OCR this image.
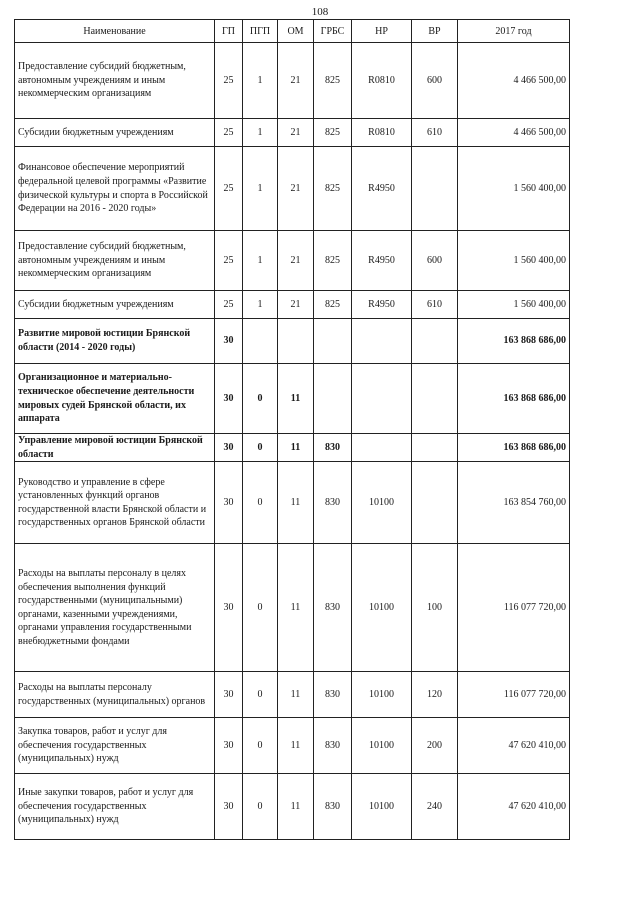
108
Наименование	ГП	ПГП	ОМ	ГРБС	НР	ВР	2017 год
Предоставление субсидий бюджетным, автономным учреждениям и иным некоммерческим организациям	25	1	21	825	R0810	600	4 466 500,00
Субсидии бюджетным учреждениям	25	1	21	825	R0810	610	4 466 500,00
Финансовое обеспечение мероприятий федеральной целевой программы «Развитие физической культуры и спорта в Российской Федерации на 2016 - 2020 годы»	25	1	21	825	R4950		1 560 400,00
Предоставление субсидий бюджетным, автономным учреждениям и иным некоммерческим организациям	25	1	21	825	R4950	600	1 560 400,00
Субсидии бюджетным учреждениям	25	1	21	825	R4950	610	1 560 400,00
Развитие мировой юстиции Брянской области (2014 - 2020 годы)	30						163 868 686,00
Организационное и материально-техническое обеспечение деятельности мировых судей Брянской области, их аппарата	30	0	11				163 868 686,00
Управление мировой юстиции Брянской области	30	0	11	830			163 868 686,00
Руководство и управление в сфере установленных функций органов государственной власти Брянской области и государственных органов Брянской области	30	0	11	830	10100		163 854 760,00
Расходы на выплаты персоналу в целях обеспечения выполнения функций государственными (муниципальными) органами, казенными учреждениями, органами управления государственными внебюджетными фондами	30	0	11	830	10100	100	116 077 720,00
Расходы на выплаты персоналу государственных (муниципальных) органов	30	0	11	830	10100	120	116 077 720,00
Закупка товаров, работ и услуг для обеспечения государственных (муниципальных) нужд	30	0	11	830	10100	200	47 620 410,00
Иные закупки товаров, работ и услуг для обеспечения государственных (муниципальных) нужд	30	0	11	830	10100	240	47 620 410,00
